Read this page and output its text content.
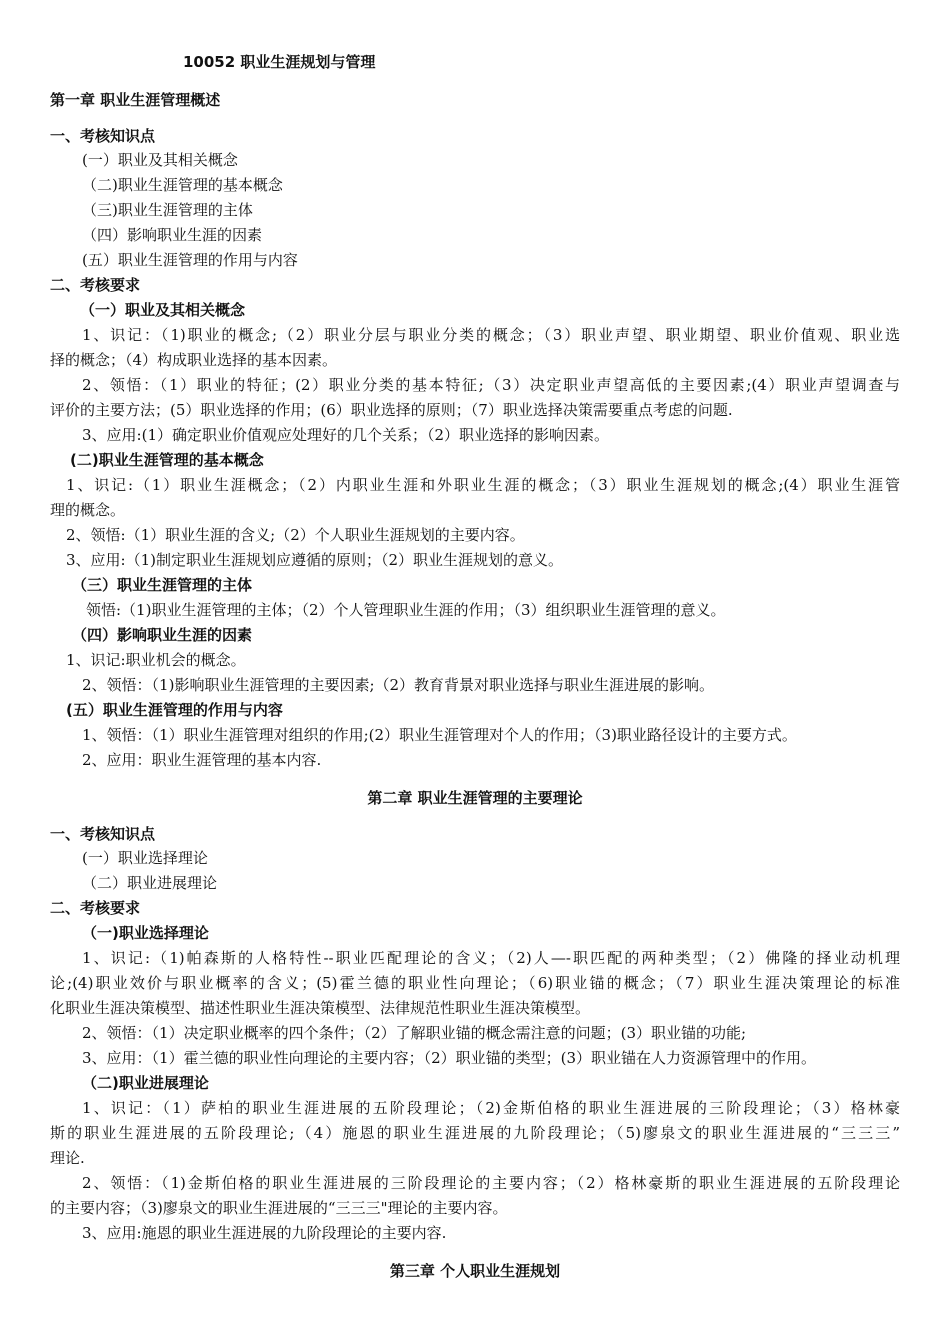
10052 职业生涯规划与管理
第一章 职业生涯管理概述
一、考核知识点
(一）职业及其相关概念
（二)职业生涯管理的基本概念
（三)职业生涯管理的主体
（四）影响职业生涯的因素
(五）职业生涯管理的作用与内容
二、考核要求
（一）职业及其相关概念
1、识记：（1)职业的概念;（2）职业分层与职业分类的概念；（3）职业声望、职业期望、职业价值观、职业选
择的概念；（4）构成职业选择的基本因素。
2、领悟：（1）职业的特征；(2）职业分类的基本特征;（3）决定职业声望高低的主要因素;(4）职业声望调查与
评价的主要方法；(5）职业选择的作用；(6）职业选择的原则；（7）职业选择决策需要重点考虑的问题.
3、应用:(1）确定职业价值观应处理好的几个关系；（2）职业选择的影响因素。
(二)职业生涯管理的基本概念
1、识记:（1）职业生涯概念；（2）内职业生涯和外职业生涯的概念；（3）职业生涯规划的概念;(4）职业生涯管
理的概念。
2、领悟:（1）职业生涯的含义;（2）个人职业生涯规划的主要内容。
3、应用:（1)制定职业生涯规划应遵循的原则；（2）职业生涯规划的意义。
（三）职业生涯管理的主体
领悟:（1)职业生涯管理的主体；（2）个人管理职业生涯的作用；（3）组织职业生涯管理的意义。
（四）影响职业生涯的因素
1、识记:职业机会的概念。
2、领悟：（1)影响职业生涯管理的主要因素;（2）教育背景对职业选择与职业生涯进展的影响。
(五）职业生涯管理的作用与内容
1、领悟：（1）职业生涯管理对组织的作用;(2）职业生涯管理对个人的作用；（3)职业路径设计的主要方式。
2、应用：职业生涯管理的基本内容.
第二章 职业生涯管理的主要理论
一、考核知识点
(一）职业选择理论
（二）职业进展理论
二、考核要求
（一)职业选择理论
1、识记:（1)帕森斯的人格特性--职业匹配理论的含义；（2)人—-职匹配的两种类型；（2）佛隆的择业动机理
论;(4)职业效价与职业概率的含义；(5)霍兰德的职业性向理论；（6)职业锚的概念；（7）职业生涯决策理论的标准
化职业生涯决策模型、描述性职业生涯决策模型、法律规范性职业生涯决策模型。
2、领悟：（1）决定职业概率的四个条件；（2）了解职业锚的概念需注意的问题；(3）职业锚的功能;
3、应用：（1）霍兰德的职业性向理论的主要内容；（2）职业锚的类型；(3）职业锚在人力资源管理中的作用。
（二)职业进展理论
1、识记：（1）萨柏的职业生涯进展的五阶段理论；（2)金斯伯格的职业生涯进展的三阶段理论；（3）格林豪
斯的职业生涯进展的五阶段理论;（4）施恩的职业生涯进展的九阶段理论；（5)廖泉文的职业生涯进展的“三三三”
理论.
2、领悟：（1)金斯伯格的职业生涯进展的三阶段理论的主要内容；（2）格林豪斯的职业生涯进展的五阶段理论
的主要内容；（3)廖泉文的职业生涯进展的“三三三"理论的主要内容。
3、应用:施恩的职业生涯进展的九阶段理论的主要内容.
第三章 个人职业生涯规划
